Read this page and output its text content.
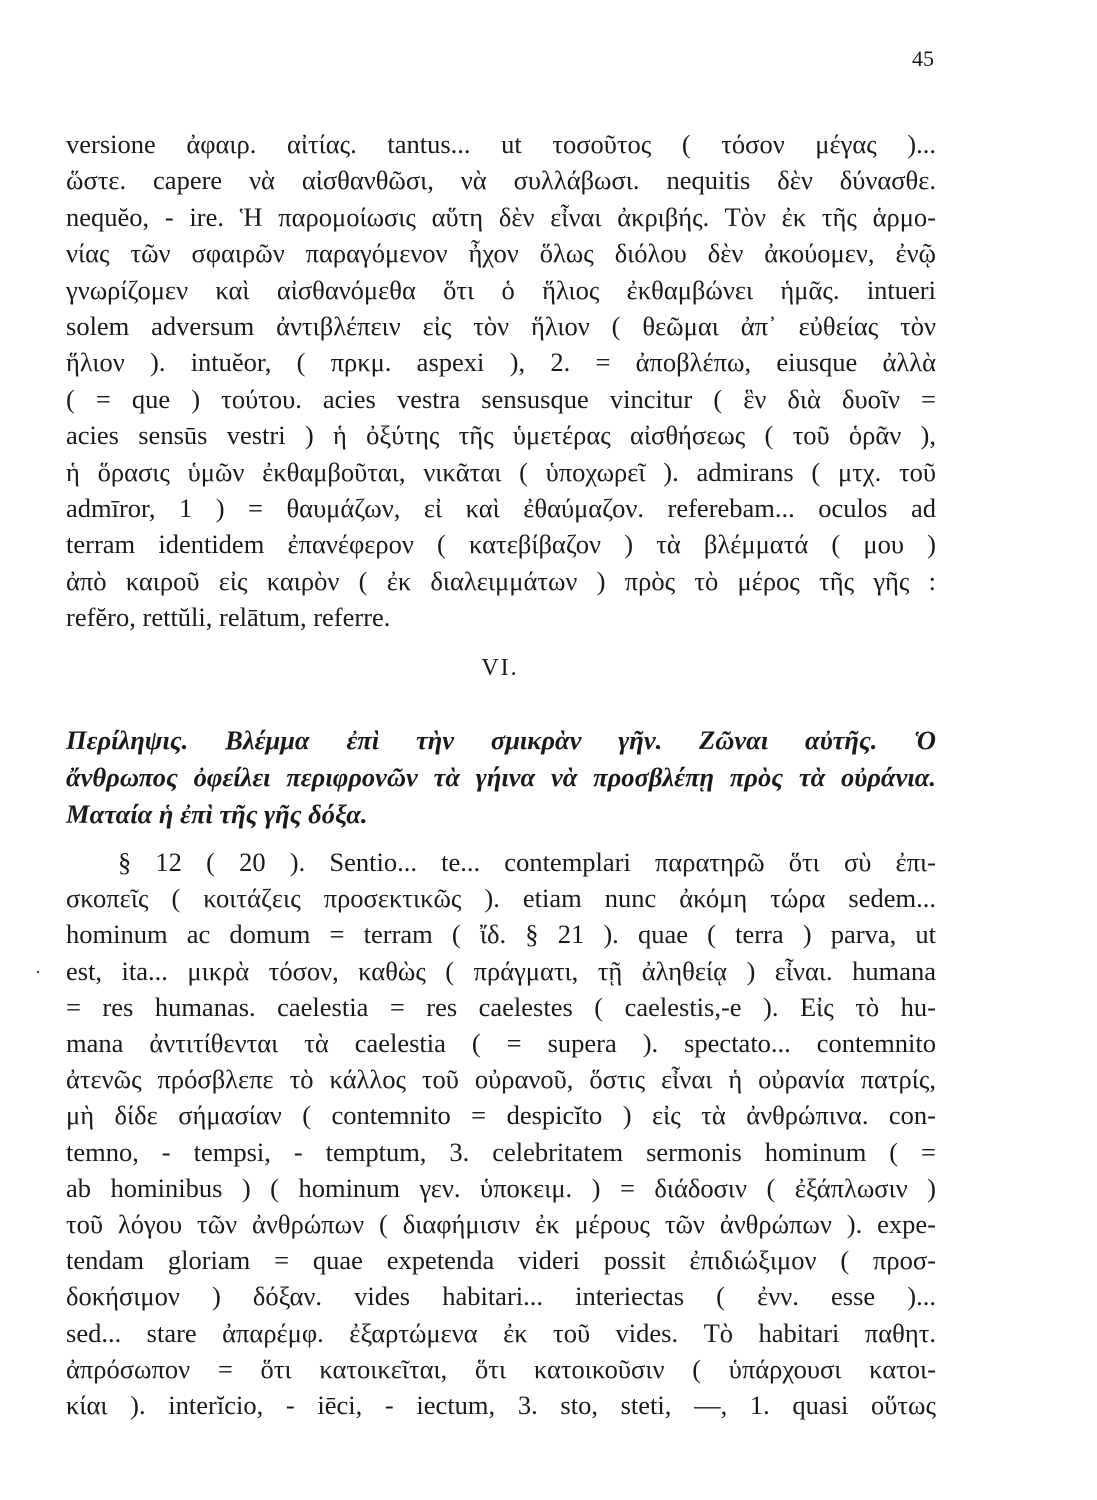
45
versione ἀφαιρ. αἰτίας. tantus... ut τοσοῦτος ( τόσον μέγας )...
ὥστε. capere νὰ αἰσθανθῶσι, νὰ συλλάβωσι. nequitis δὲν δύνασθε.
nequĕo, - ire. Ἡ παρομοίωσις αὕτη δὲν εἶναι ἀκριβής. Τὸν ἐκ τῆς ἁρμο-
νίας τῶν σφαιρῶν παραγόμενον ἦχον ὅλως διόλου δὲν ἀκούομεν, ἐνῷ
γνωρίζομεν καὶ αἰσθανόμεθα ὅτι ὁ ἥλιος ἐκθαμβώνει ἡμᾶς. intueri
solem adversum ἀντιβλέπειν εἰς τὸν ἥλιον ( θεῶμαι ἀπ᾽ εὐθείας τὸν
ἥλιον ). intuĕor, ( πρκμ. aspexi ), 2. = ἀποβλέπω, eiusque ἀλλὰ
( = que ) τούτου. acies vestra sensusque vincitur ( ἓν διὰ δυοῖν =
acies sensūs vestri ) ἡ ὀξύτης τῆς ὑμετέρας αἰσθήσεως ( τοῦ ὁρᾶν ),
ἡ ὅρασις ὑμῶν ἐκθαμβοῦται, νικᾶται ( ὑποχωρεῖ ). admirans ( μτχ. τοῦ
admīror, 1 ) = θαυμάζων, εἰ καὶ ἐθαύμαζον. referebam... oculos ad
terram identidem ἐπανέφερον ( κατεβίβαζον ) τὰ βλέμματά ( μου )
ἀπὸ καιροῦ εἰς καιρὸν ( ἐκ διαλειμμάτων ) πρὸς τὸ μέρος τῆς γῆς :
refĕro, rettŭli, relātum, referre.
VI.
Περίληψις. Βλέμμα ἐπὶ τὴν σμικρὰν γῆν. Ζῶναι αὐτῆς. Ὁ
ἄνθρωπος ὀφείλει περιφρονῶν τὰ γήινα νὰ προσβλέπῃ πρὸς τὰ οὐράνια.
Ματαία ἡ ἐπὶ τῆς γῆς δόξα.
·
§ 12 ( 20 ). Sentio... te... contemplari παρατηρῶ ὅτι σὺ ἐπι-
σκοπεῖς ( κοιτάζεις προσεκτικῶς ). etiam nunc ἀκόμη τώρα sedem...
hominum ac domum = terram ( ἴδ. § 21 ). quae ( terra ) parva, ut
est, ita... μικρὰ τόσον, καθὼς ( πράγματι, τῇ ἀληθείᾳ ) εἶναι. humana
= res humanas. caelestia = res caelestes ( caelestis,-e ). Εἰς τὸ hu-
mana ἀντιτίθενται τὰ caelestia ( = supera ). spectato... contemnito
ἀτενῶς πρόσβλεπε τὸ κάλλος τοῦ οὐρανοῦ, ὅστις εἶναι ἡ οὐρανία πατρίς,
μὴ δίδε σήμασίαν ( contemnito = despicĭto ) εἰς τὰ ἀνθρώπινα. con-
temno, - tempsi, - temptum, 3. celebritatem sermonis hominum ( =
ab hominibus ) ( hominum γεν. ὑποκειμ. ) = διάδοσιν ( ἐξάπλωσιν )
τοῦ λόγου τῶν ἀνθρώπων ( διαφήμισιν ἐκ μέρους τῶν ἀνθρώπων ). expe-
tendam gloriam = quae expetenda videri possit ἐπιδιώξιμον ( προσ-
δοκήσιμον ) δόξαν. vides habitari... interiectas ( ἐνν. esse )...
sed... stare ἀπαρέμφ. ἐξαρτώμενα ἐκ τοῦ vides. Τὸ habitari παθητ.
ἀπρόσωπον = ὅτι κατοικεῖται, ὅτι κατοικοῦσιν ( ὑπάρχουσι κατοι-
κίαι ). interĭcio, - iēci, - iectum, 3. sto, steti, —, 1. quasi οὕτως
